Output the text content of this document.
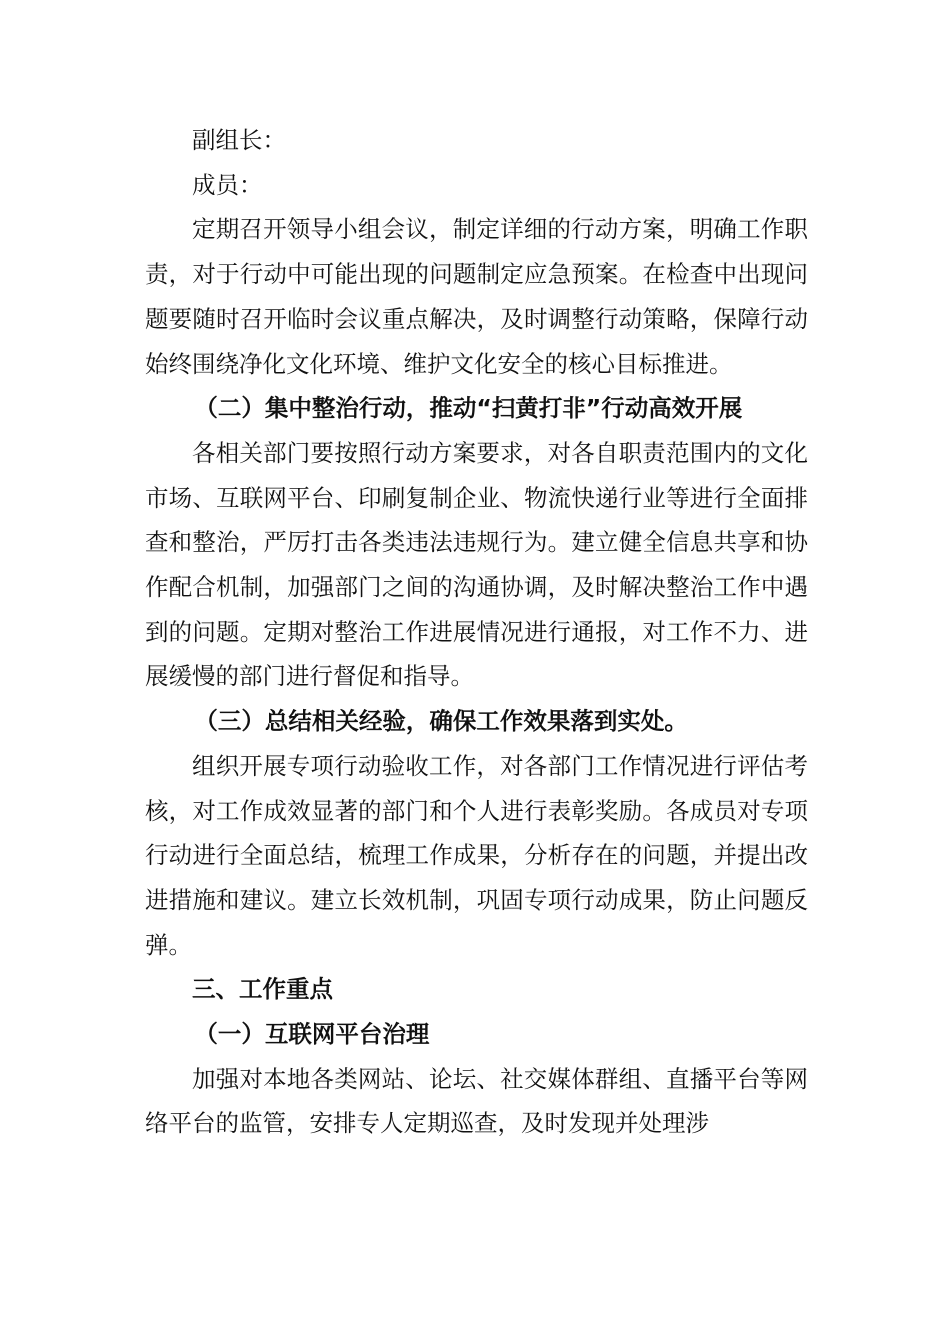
副组长：

成员：

定期召开领导小组会议，制定详细的行动方案，明确工作职责，对于行动中可能出现的问题制定应急预案。在检查中出现问题要随时召开临时会议重点解决，及时调整行动策略，保障行动始终围绕净化文化环境、维护文化安全的核心目标推进。

（二）集中整治行动，推动“扫黄打非”行动高效开展

各相关部门要按照行动方案要求，对各自职责范围内的文化市场、互联网平台、印刷复制企业、物流快递行业等进行全面排查和整治，严厉打击各类违法违规行为。建立健全信息共享和协作配合机制，加强部门之间的沟通协调，及时解决整治工作中遇到的问题。定期对整治工作进展情况进行通报，对工作不力、进展缓慢的部门进行督促和指导。

（三）总结相关经验，确保工作效果落到实处。

组织开展专项行动验收工作，对各部门工作情况进行评估考核，对工作成效显著的部门和个人进行表彰奖励。各成员对专项行动进行全面总结，梳理工作成果，分析存在的问题，并提出改进措施和建议。建立长效机制，巩固专项行动成果，防止问题反弹。

三、工作重点

（一）互联网平台治理

加强对本地各类网站、论坛、社交媒体群组、直播平台等网络平台的监管，安排专人定期巡查，及时发现并处理涉
